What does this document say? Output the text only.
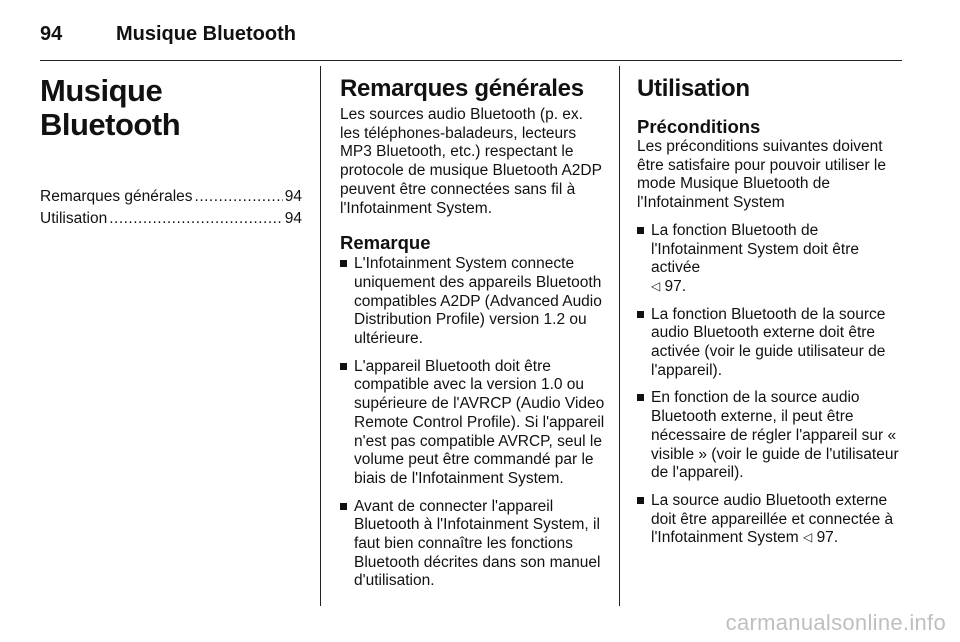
94	Musique Bluetooth
Musique Bluetooth
Remarques générales .....	94
Utilisation .....	94
Remarques générales

Les sources audio Bluetooth (p. ex. les téléphones-baladeurs, lecteurs MP3 Bluetooth, etc.) respectant le protocole de musique Bluetooth A2DP peuvent être connectées sans fil à l'Infotainment System.

Remarque
L'Infotainment System connecte uniquement des appareils Bluetooth compatibles A2DP (Advanced Audio Distribution Profile) version 1.2 ou ultérieure.
L'appareil Bluetooth doit être compatible avec la version 1.0 ou supérieure de l'AVRCP (Audio Video Remote Control Profile). Si l'appareil n'est pas compatible AVRCP, seul le volume peut être commandé par le biais de l'Infotainment System.
Avant de connecter l'appareil Bluetooth à l'Infotainment System, il faut bien connaître les fonctions Bluetooth décrites dans son manuel d'utilisation.
Utilisation
Préconditions

Les préconditions suivantes doivent être satisfaire pour pouvoir utiliser le mode Musique Bluetooth de l'Infotainment System

La fonction Bluetooth de l'Infotainment System doit être activée
◁ 97.
La fonction Bluetooth de la source audio Bluetooth externe doit être activée (voir le guide utilisateur de l'appareil).
En fonction de la source audio Bluetooth externe, il peut être nécessaire de régler l'appareil sur « visible » (voir le guide de l'utilisateur de l'appareil).
La source audio Bluetooth externe doit être appareillée et connectée à l'Infotainment System ◁ 97.
carmanualsonline.info
